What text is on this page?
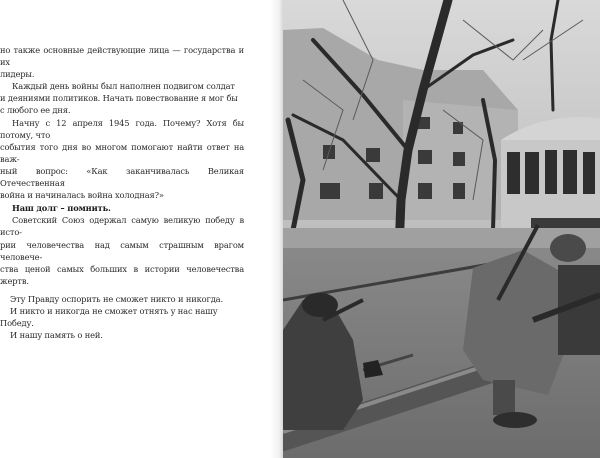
но также основные действующие лица — государства и их
лидеры.

Каждый день войны был наполнен подвигом солдат
и деяниями политиков. Начать повествование я мог бы
с любого ее дня.

Начну с 12 апреля 1945 года. Почему? Хотя бы потому, что
события того дня во многом помогают найти ответ на важ-
ный вопрос: «Как заканчивалась Великая Отечественная
война и начиналась война холодная?»

Наш долг – помнить.

Советский Союз одержал самую великую победу в исто-
рии человечества над самым страшным врагом человече-
ства ценой самых больших в истории человечества жертв.

Эту Правду оспорить не сможет никто и никогда.

И никто и никогда не сможет отнять у нас нашу Победу.

И нашу память о ней.
